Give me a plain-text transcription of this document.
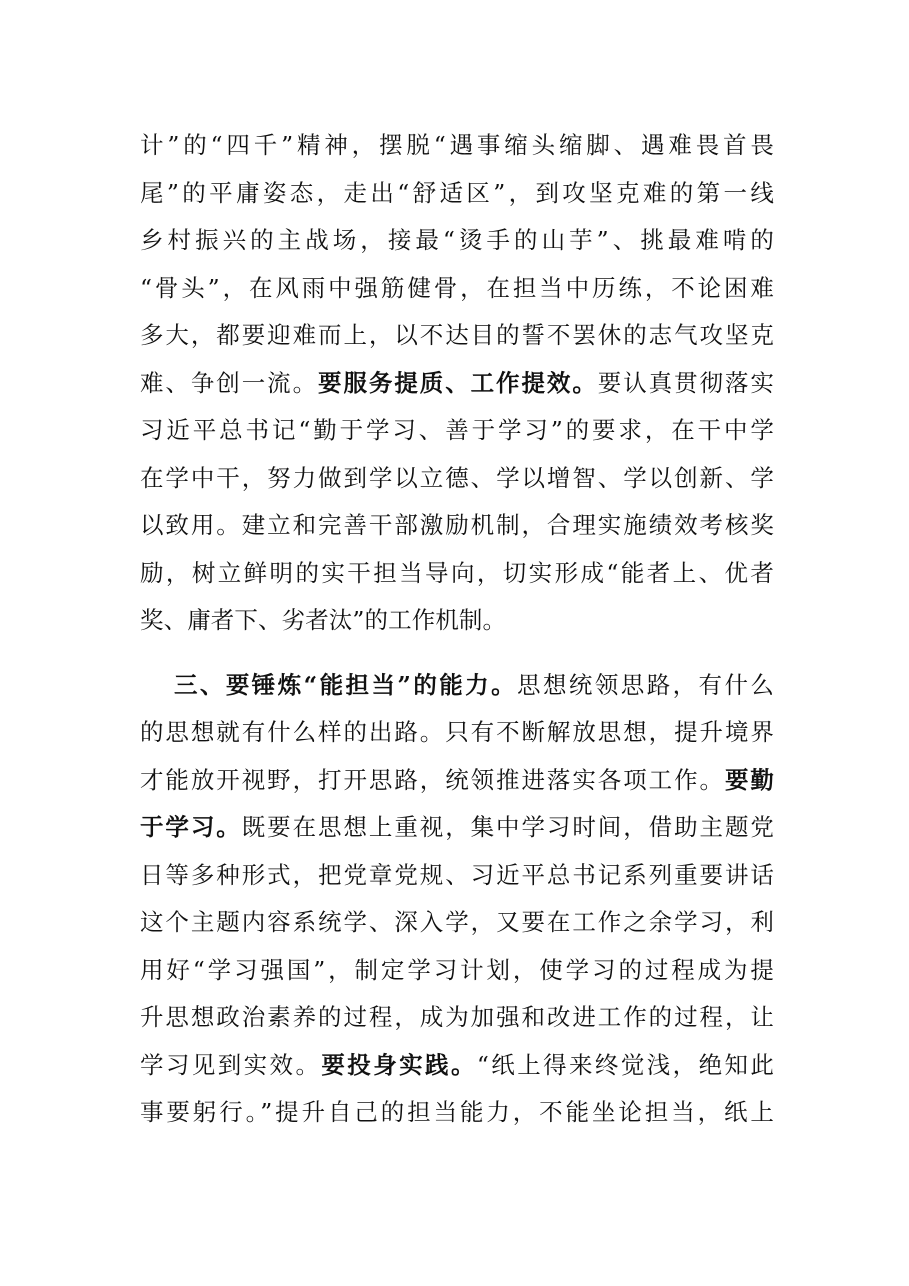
计”的“四千”精神，摆脱“遇事缩头缩脚、遇难畏首畏
尾”的平庸姿态，走出“舒适区”，到攻坚克难的第一线
乡村振兴的主战场，接最“烫手的山芋”、挑最难啃的
“骨头”，在风雨中强筋健骨，在担当中历练，不论困难
多大，都要迎难而上，以不达目的誓不罢休的志气攻坚克
难、争创一流。要服务提质、工作提效。要认真贯彻落实
习近平总书记“勤于学习、善于学习”的要求，在干中学
在学中干，努力做到学以立德、学以增智、学以创新、学
以致用。建立和完善干部激励机制，合理实施绩效考核奖
励，树立鲜明的实干担当导向，切实形成“能者上、优者
奖、庸者下、劣者汰”的工作机制。
三、要锤炼“能担当”的能力。思想统领思路，有什么
的思想就有什么样的出路。只有不断解放思想，提升境界
才能放开视野，打开思路，统领推进落实各项工作。要勤
于学习。既要在思想上重视，集中学习时间，借助主题党
日等多种形式，把党章党规、习近平总书记系列重要讲话
这个主题内容系统学、深入学，又要在工作之余学习，利
用好“学习强国”，制定学习计划，使学习的过程成为提
升思想政治素养的过程，成为加强和改进工作的过程，让
学习见到实效。要投身实践。“纸上得来终觉浅，绝知此
事要躬行。”提升自己的担当能力，不能坐论担当，纸上
